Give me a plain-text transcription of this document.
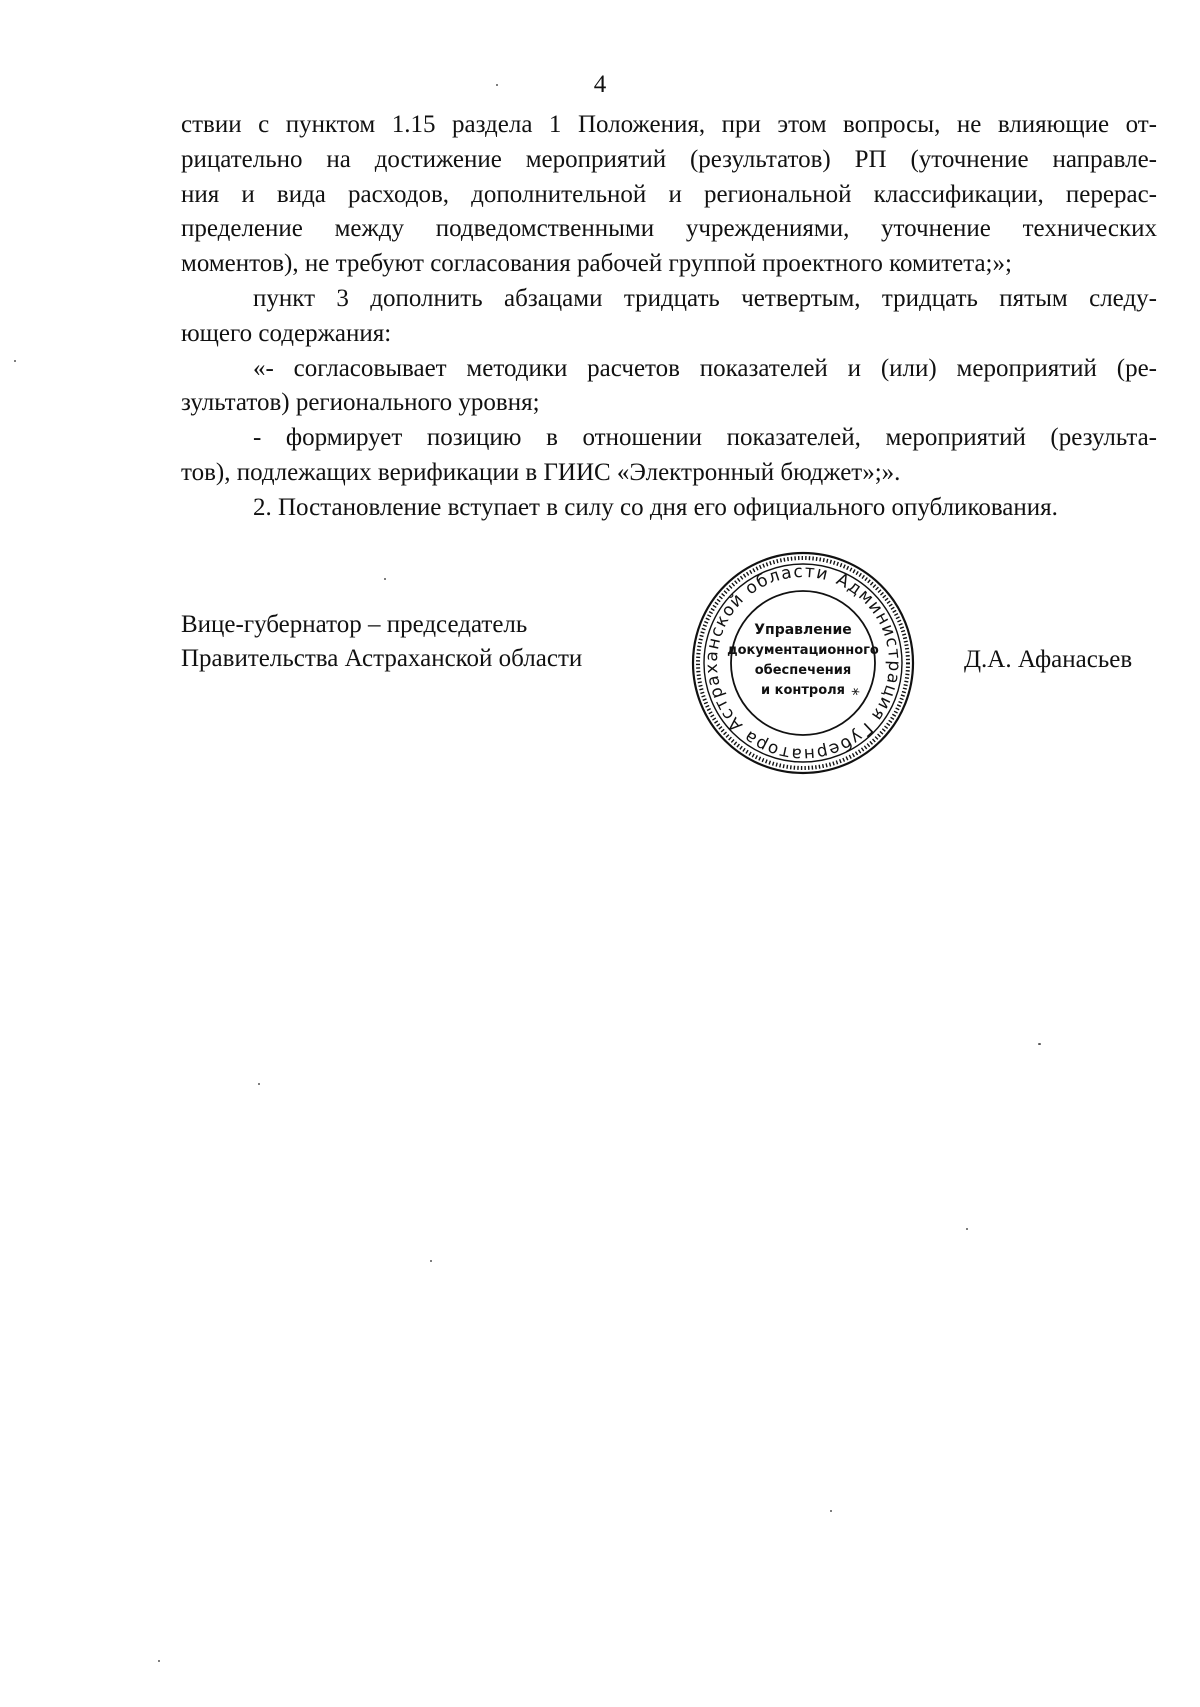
4
ствии с пунктом 1.15 раздела 1 Положения, при этом вопросы, не влияющие от-
рицательно на достижение мероприятий (результатов) РП (уточнение направле-
ния и вида расходов, дополнительной и региональной классификации, перерас-
пределение между подведомственными учреждениями, уточнение технических
моментов), не требуют согласования рабочей группой проектного комитета;»;
пункт 3 дополнить абзацами тридцать четвертым, тридцать пятым следу-
ющего содержания:
«- согласовывает методики расчетов показателей и (или) мероприятий (ре-
зультатов) регионального уровня;
- формирует позицию в отношении показателей, мероприятий (результа-
тов), подлежащих верификации в ГИИС «Электронный бюджет»;».
2. Постановление вступает в силу со дня его официального опубликования.
Вице-губернатор – председатель
Правительства Астраханской области	Д.А. Афанасьев
Администрация Губернатора Астраханской области
*
Управление
документационного
обеспечения
и контроля
